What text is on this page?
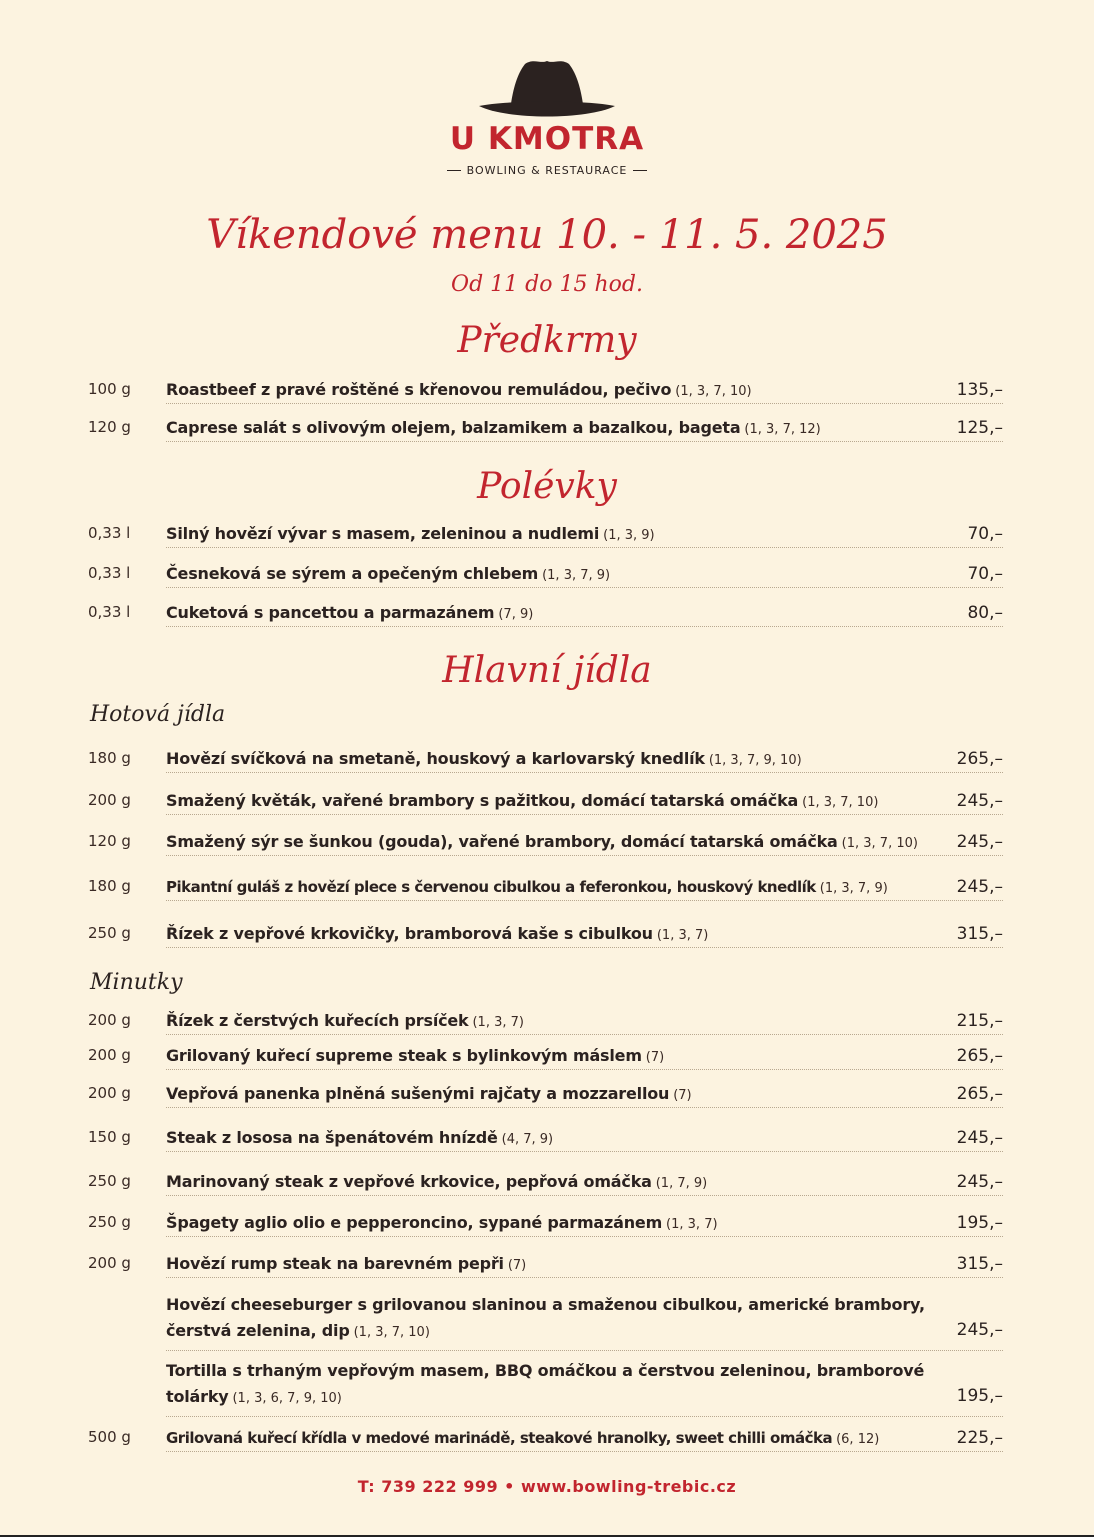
U KMOTRA
BOWLING & RESTAURACE
Víkendové menu 10. - 11. 5. 2025
Od 11 do 15 hod.
Předkrmy
100 g Roastbeef z pravé roštěné s křenovou remuládou, pečivo (1, 3, 7, 10)	135,–
120 g Caprese salát s olivovým olejem, balzamikem a bazalkou, bageta (1, 3, 7, 12)	125,–
Polévky
0,33 l Silný hovězí vývar s masem, zeleninou a nudlemi (1, 3, 9)	70,–
0,33 l Česneková se sýrem a opečeným chlebem (1, 3, 7, 9)	70,–
0,33 l Cuketová s pancettou a parmazánem (7, 9)	80,–
Hlavní jídla
Hotová jídla
180 g Hovězí svíčková na smetaně, houskový a karlovarský knedlík (1, 3, 7, 9, 10)	265,–
200 g Smažený květák, vařené brambory s pažitkou, domácí tatarská omáčka (1, 3, 7, 10)	245,–
120 g Smažený sýr se šunkou (gouda), vařené brambory, domácí tatarská omáčka (1, 3, 7, 10)	245,–
180 g Pikantní guláš z hovězí plece s červenou cibulkou a feferonkou, houskový knedlík (1, 3, 7, 9)	245,–
250 g Řízek z vepřové krkovičky, bramborová kaše s cibulkou (1, 3, 7)	315,–
Minutky
200 g Řízek z čerstvých kuřecích prsíček (1, 3, 7)	215,–
200 g Grilovaný kuřecí supreme steak s bylinkovým máslem (7)	265,–
200 g Vepřová panenka plněná sušenými rajčaty a mozzarellou (7)	265,–
150 g Steak z lososa na špenátovém hnízdě (4, 7, 9)	245,–
250 g Marinovaný steak z vepřové krkovice, pepřová omáčka (1, 7, 9)	245,–
250 g Špagety aglio olio e pepperoncino, sypané parmazánem (1, 3, 7)	195,–
200 g Hovězí rump steak na barevném pepři (7)	315,–
Hovězí cheeseburger s grilovanou slaninou a smaženou cibulkou, americké brambory, čerstvá zelenina, dip (1, 3, 7, 10)	245,–
Tortilla s trhaným vepřovým masem, BBQ omáčkou a čerstvou zeleninou, bramborové tolárky (1, 3, 6, 7, 9, 10)	195,–
500 g Grilovaná kuřecí křídla v medové marinádě, steakové hranolky, sweet chilli omáčka (6, 12)	225,–
T: 739 222 999 • www.bowling-trebic.cz
